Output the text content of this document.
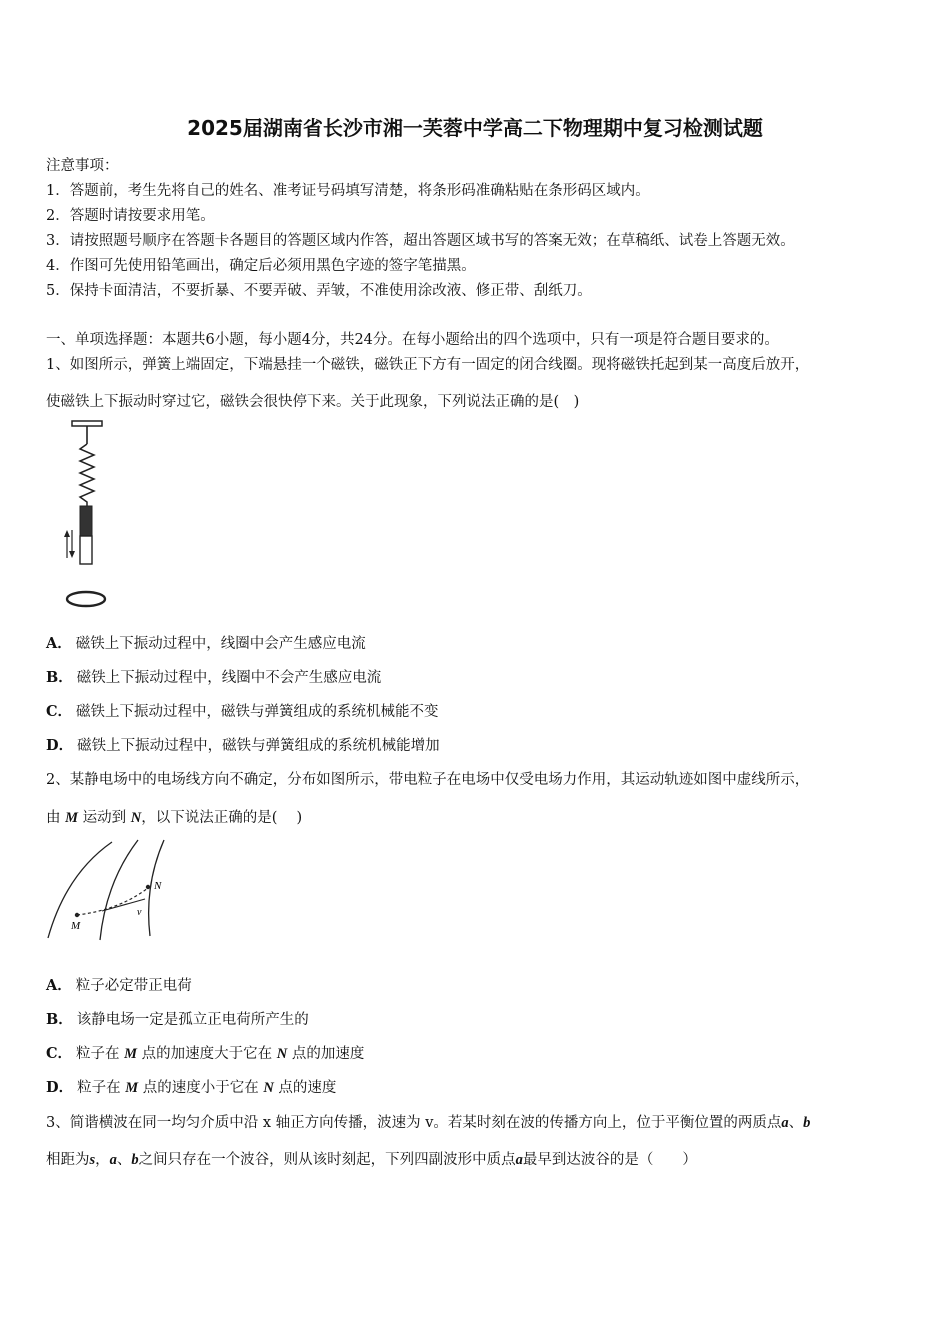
2025届湖南省长沙市湘一芙蓉中学高二下物理期中复习检测试题
注意事项：
1．答题前，考生先将自己的姓名、准考证号码填写清楚，将条形码准确粘贴在条形码区域内。
2．答题时请按要求用笔。
3．请按照题号顺序在答题卡各题目的答题区域内作答，超出答题区域书写的答案无效；在草稿纸、试卷上答题无效。
4．作图可先使用铅笔画出，确定后必须用黑色字迹的签字笔描黑。
5．保持卡面清洁，不要折暴、不要弄破、弄皱，不准使用涂改液、修正带、刮纸刀。
一、单项选择题：本题共6小题，每小题4分，共24分。在每小题给出的四个选项中，只有一项是符合题目要求的。
1、如图所示，弹簧上端固定，下端悬挂一个磁铁，磁铁正下方有一固定的闭合线圈。现将磁铁托起到某一高度后放开，
使磁铁上下振动时穿过它，磁铁会很快停下来。关于此现象，下列说法正确的是(　)
A． 磁铁上下振动过程中，线圈中会产生感应电流
B． 磁铁上下振动过程中，线圈中不会产生感应电流
C． 磁铁上下振动过程中，磁铁与弹簧组成的系统机械能不变
D． 磁铁上下振动过程中，磁铁与弹簧组成的系统机械能增加
2、某静电场中的电场线方向不确定，分布如图所示，带电粒子在电场中仅受电场力作用，其运动轨迹如图中虚线所示，
由 M 运动到 N，以下说法正确的是(　 )
M
N
v
A． 粒子必定带正电荷
B． 该静电场一定是孤立正电荷所产生的
C． 粒子在 M 点的加速度大于它在 N 点的加速度
D． 粒子在 M 点的速度小于它在 N 点的速度
3、简谐横波在同一均匀介质中沿 x 轴正方向传播，波速为 v。若某时刻在波的传播方向上，位于平衡位置的两质点a、b
相距为s，a、b之间只存在一个波谷，则从该时刻起，下列四副波形中质点a最早到达波谷的是（　　）
